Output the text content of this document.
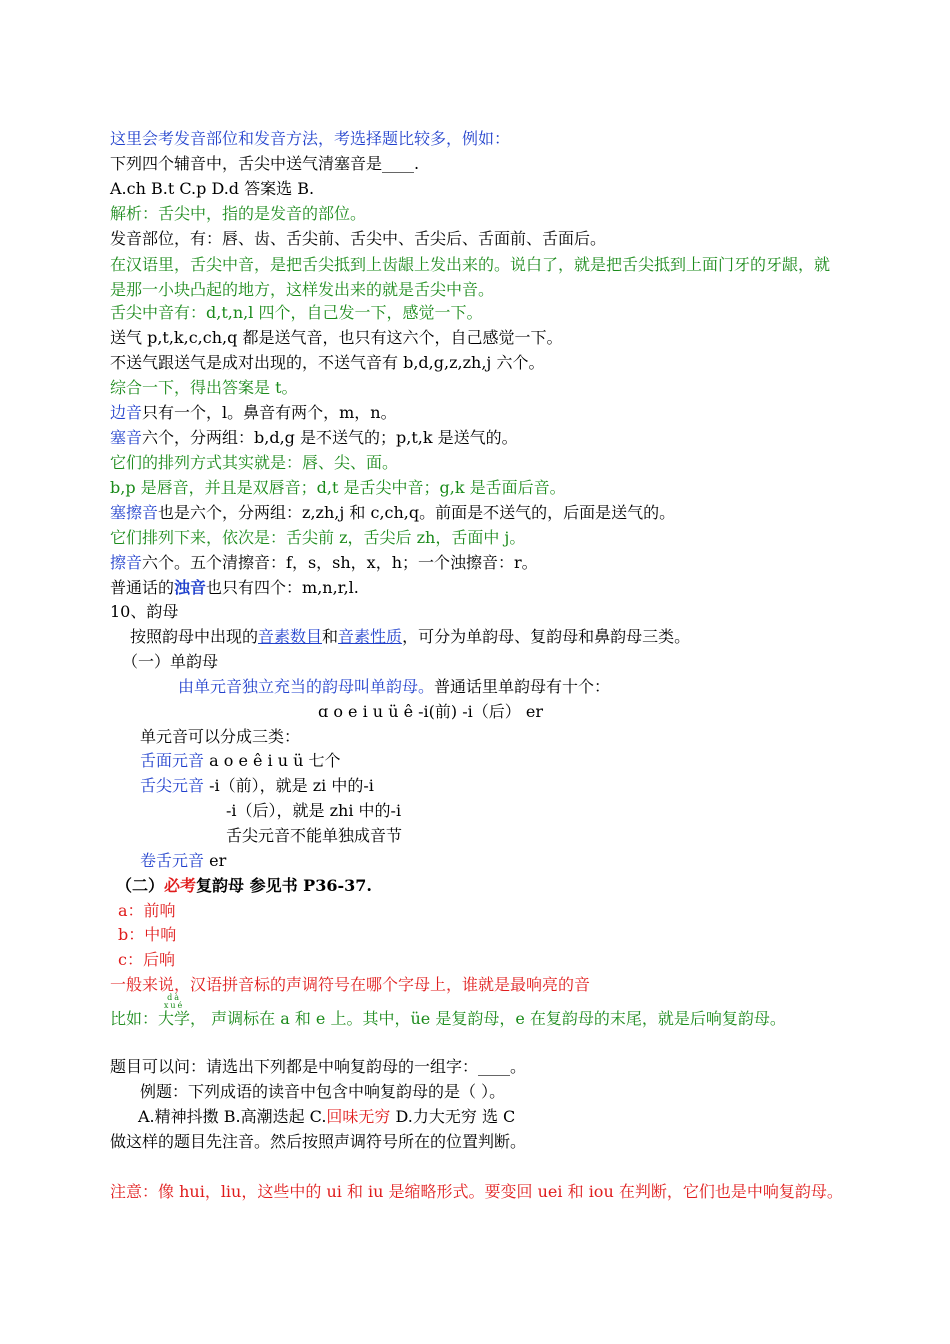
这里会考发音部位和发音方法，考选择题比较多，例如：
下列四个辅音中，舌尖中送气清塞音是____.
A.ch B.t C.p D.d 答案选 B.
解析：舌尖中，指的是发音的部位。
发音部位，有：唇、齿、舌尖前、舌尖中、舌尖后、舌面前、舌面后。
在汉语里，舌尖中音，是把舌尖抵到上齿龈上发出来的。说白了，就是把舌尖抵到上面门牙的牙龈，就是那一小块凸起的地方，这样发出来的就是舌尖中音。
舌尖中音有：d,t,n,l 四个，自己发一下，感觉一下。
送气 p,t,k,c,ch,q 都是送气音，也只有这六个，自己感觉一下。
不送气跟送气是成对出现的，不送气音有 b,d,g,z,zh,j 六个。
综合一下，得出答案是 t。
边音只有一个，l。鼻音有两个，m，n。
塞音六个，分两组：b,d,g 是不送气的；p,t,k 是送气的。
它们的排列方式其实就是：唇、尖、面。
b,p 是唇音，并且是双唇音；d,t 是舌尖中音；g,k 是舌面后音。
塞擦音也是六个，分两组：z,zh,j 和 c,ch,q。前面是不送气的，后面是送气的。
它们排列下来，依次是：舌尖前 z，舌尖后 zh，舌面中 j。
擦音六个。五个清擦音：f，s，sh，x，h；一个浊擦音：r。
普通话的浊音也只有四个：m,n,r,l.
10、韵母
按照韵母中出现的音素数目和音素性质，可分为单韵母、复韵母和鼻韵母三类。
（一）单韵母
由单元音独立充当的韵母叫单韵母。普通话里单韵母有十个：
ɑ o e i u ü ê -i(前) -i（后） er
单元音可以分成三类：
舌面元音 a o e ê i u ü 七个
舌尖元音 -i（前），就是 zi 中的-i
-i（后），就是 zhi 中的-i
舌尖元音不能单独成音节
卷舌元音 er
（二）必考复韵母 参见书 P36-37.
a：前响
b：中响
c：后响
一般来说，汉语拼音标的声调符号在哪个字母上，谁就是最响亮的音
比如：
dà xué
大学， 声调标在 a 和 e 上。其中，üe 是复韵母，e 在复韵母的末尾，就是后响复韵母。
题目可以问：请选出下列都是中响复韵母的一组字：____。
例题：下列成语的读音中包含中响复韵母的是（ ）。
A.精神抖擞 B.高潮迭起 C.回味无穷 D.力大无穷 选 C
做这样的题目先注音。然后按照声调符号所在的位置判断。
注意：像 hui，liu，这些中的 ui 和 iu 是缩略形式。要变回 uei 和 iou 在判断，它们也是中响复韵母。
